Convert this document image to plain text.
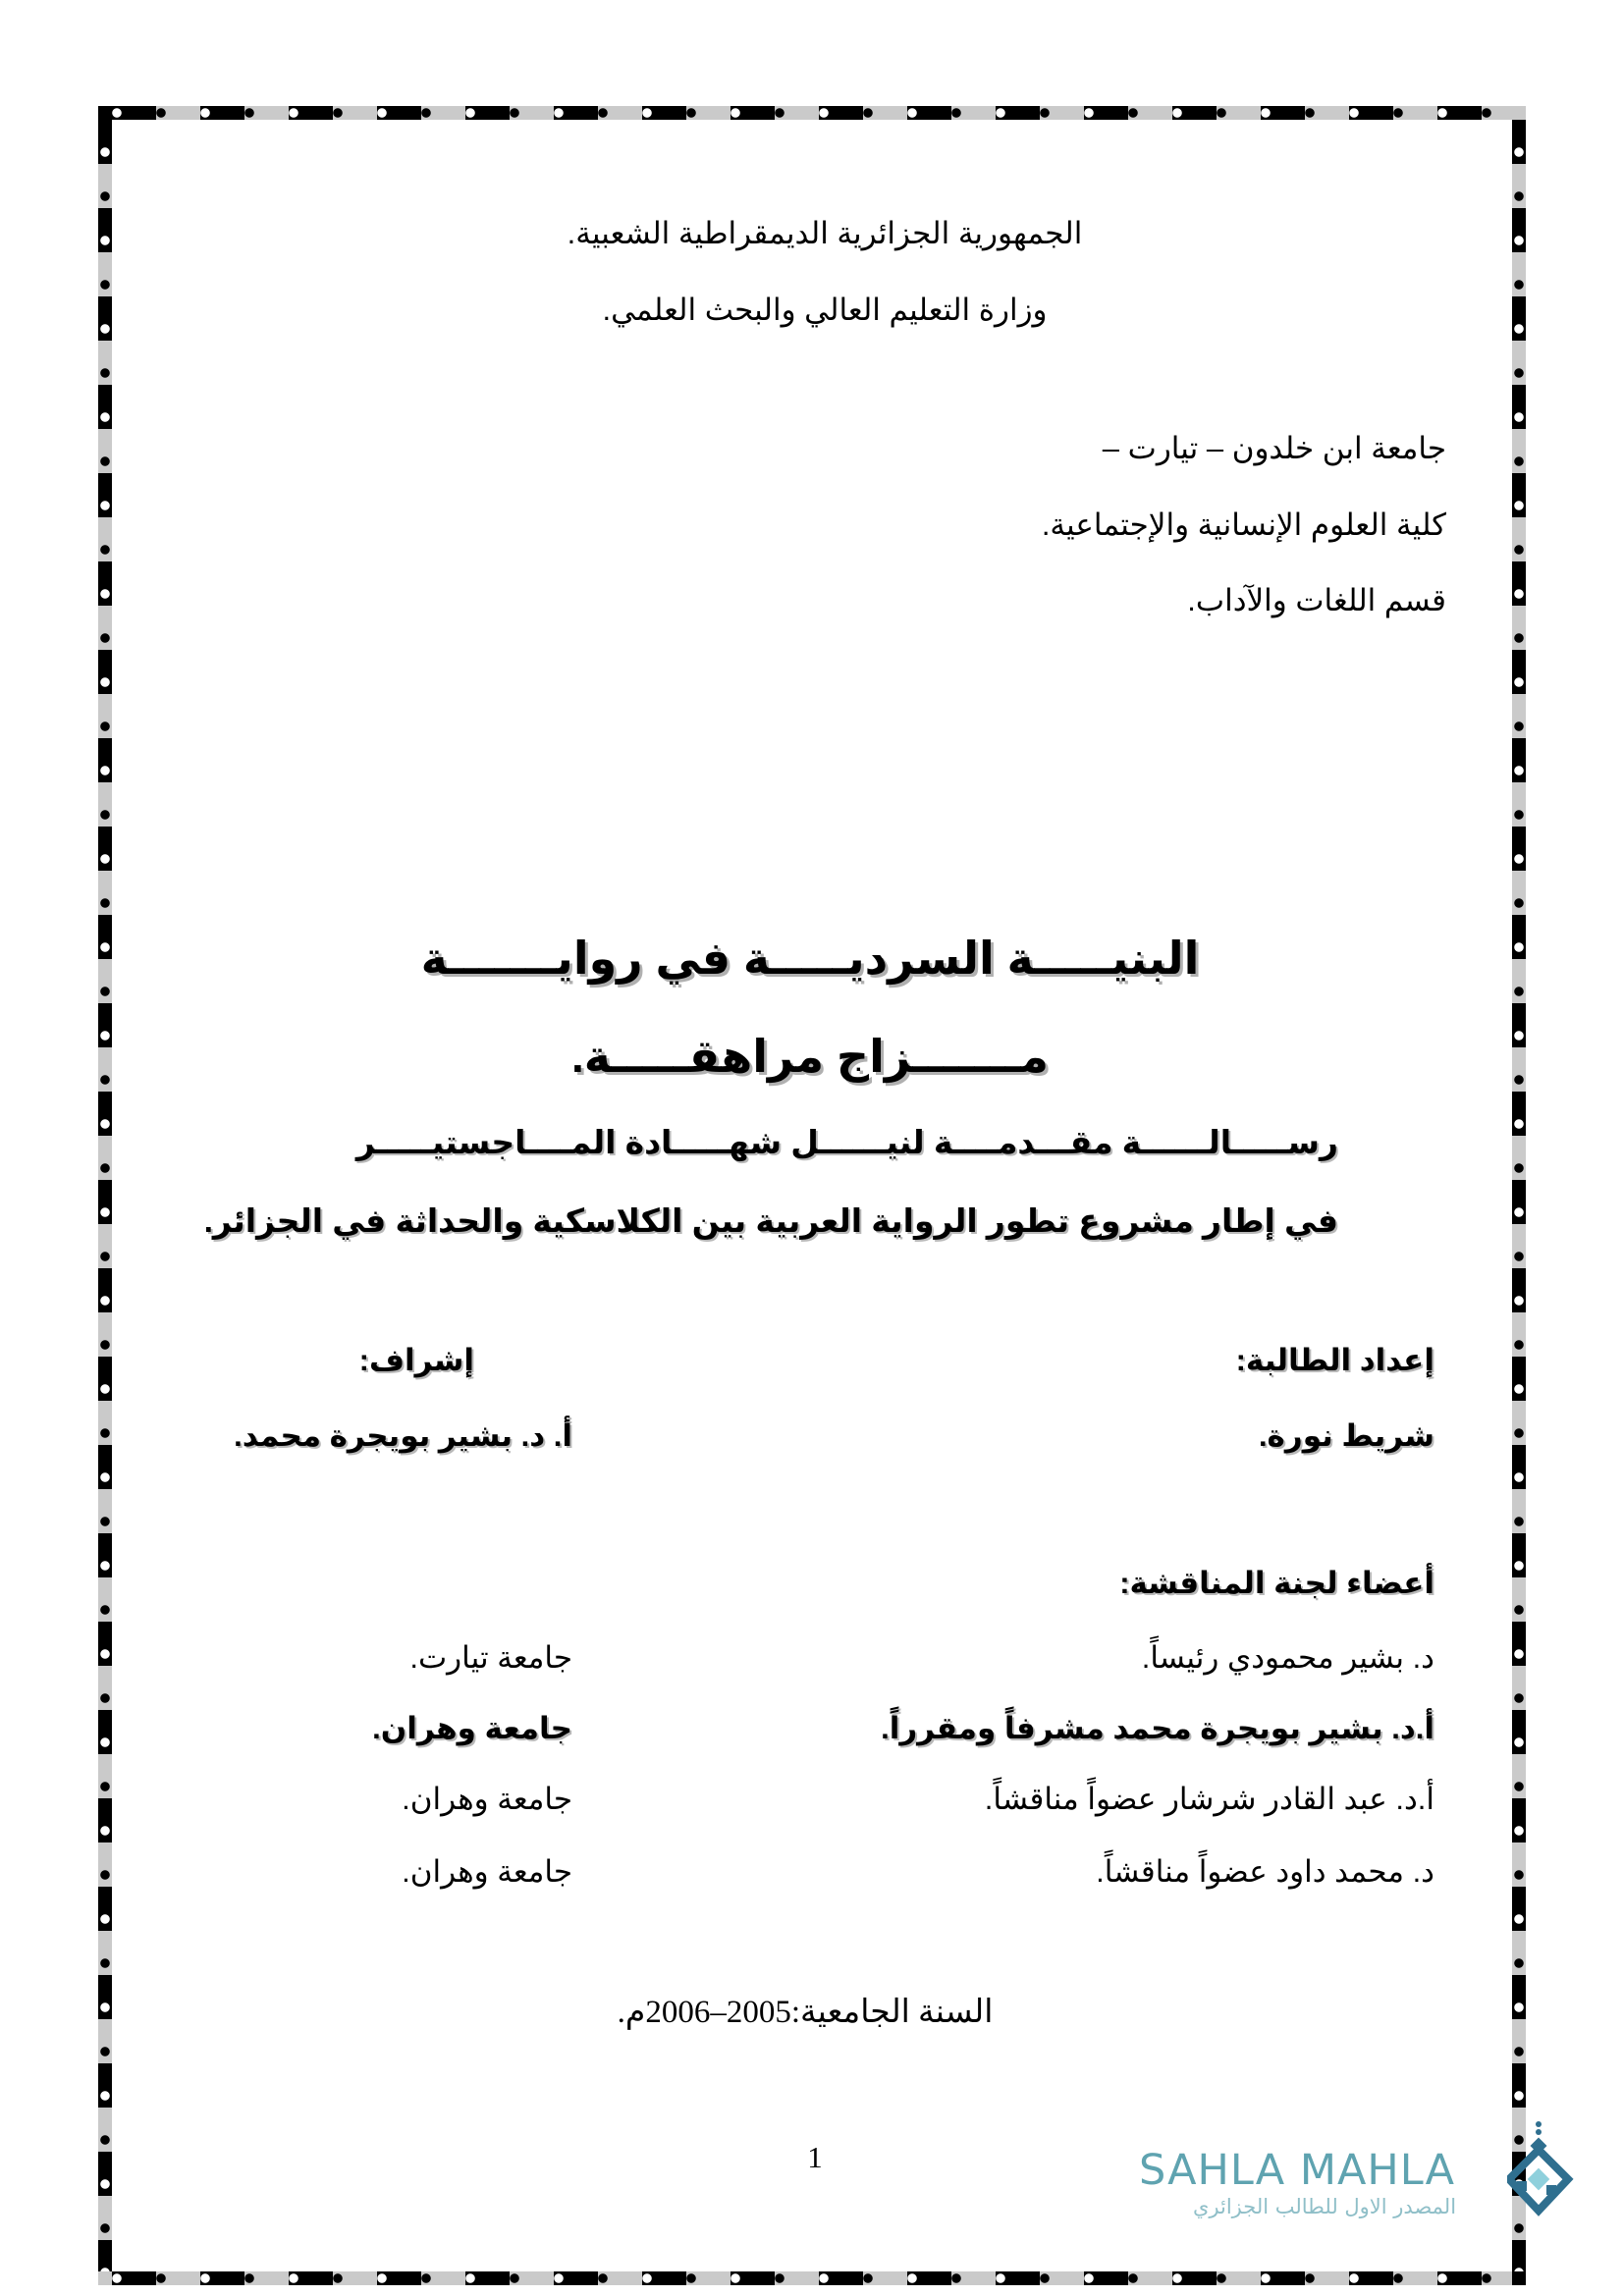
الجمهورية الجزائرية الديمقراطية الشعبية.
وزارة التعليم العالي والبحث العلمي.
جامعة ابن خلدون – تيارت –
كلية العلوم الإنسانية والإجتماعية.
قسم اللغات والآداب.
البنيـــــة السرديـــــة في روايـــــــة
مـــــــزاج مراهقـــــة.
رســـــالــــــة مقـــدمــــة لنيــــــل شهـــــادة المــــاجستيـــــر
في إطار مشروع تطور الرواية العربية بين الكلاسكية والحداثة في الجزائر.
إعداد الطالبة:
شريط نورة.
إشراف:
أ. د. بشير بويجرة محمد.
أعضاء لجنة المناقشة:
د. بشير محمودي رئيساً.
جامعة تيارت.
أ.د. بشير بويجرة محمد مشرفاً ومقرراً.
جامعة وهران.
أ.د. عبد القادر شرشار عضواً مناقشاً.
جامعة وهران.
د. محمد داود عضواً مناقشاً.
جامعة وهران.
السنة الجامعية:2005–2006م.
1	SAHLA MAHLA
المصدر الاول للطالب الجزائري
